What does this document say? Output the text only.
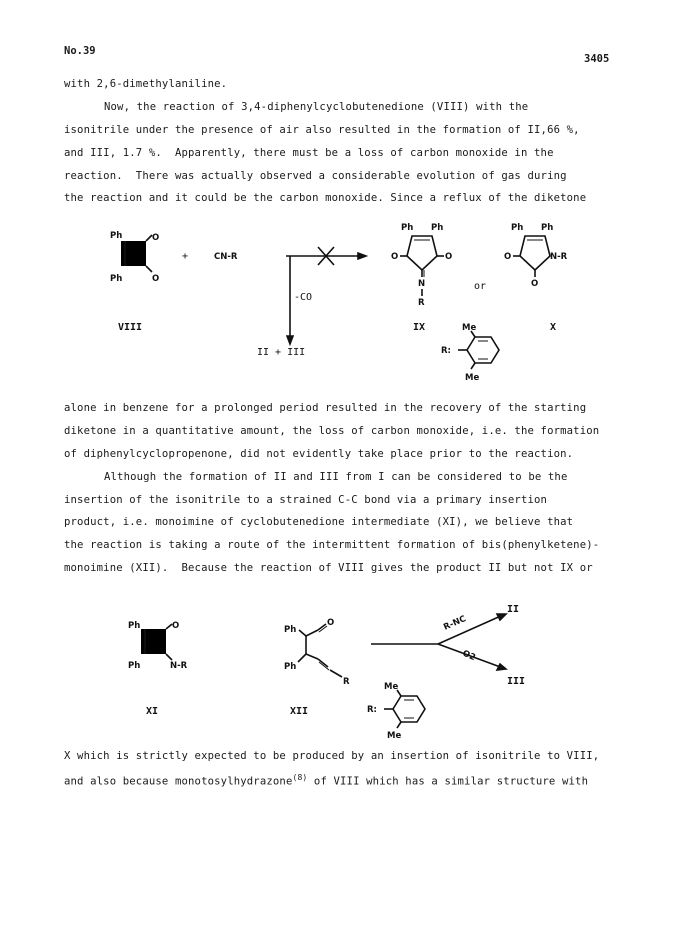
No.39
3405
with 2,6-dimethylaniline.
Now, the reaction of 3,4-diphenylcyclobutenedione (VIII) with the
isonitrile under the presence of air also resulted in the formation of II,66 %,
and III, 1.7 %.  Apparently, there must be a loss of carbon monoxide in the
reaction.  There was actually observed a considerable evolution of gas during
the reaction and it could be the carbon monoxide. Since a reflux of the diketone
Ph
Ph
O
O
VIII
+	CN-R
-CO
II + III
Ph Ph
O	O
N
R
IX
or
Ph Ph
O	N-R
O
X
R:
Me
Me
alone in benzene for a prolonged period resulted in the recovery of the starting
diketone in a quantitative amount, the loss of carbon monoxide, i.e. the formation
of diphenylcyclopropenone, did not evidently take place prior to the reaction.
Although the formation of II and III from I can be considered to be the
insertion of the isonitrile to a strained C-C bond via a primary insertion
product, i.e. monoimine of cyclobutenedione intermediate (XI), we believe that
the reaction is taking a route of the intermittent formation of bis(phenylketene)-
monoimine (XII).  Because the reaction of VIII gives the product II but not IX or
Ph
Ph
O
N-R
XI
Ph
O
Ph
R
XII
R-NC
O2
II
III
R:
Me
Me
X which is strictly expected to be produced by an insertion of isonitrile to VIII,
and also because monotosylhydrazone$^{(8)}$ of VIII which has a similar structure with
